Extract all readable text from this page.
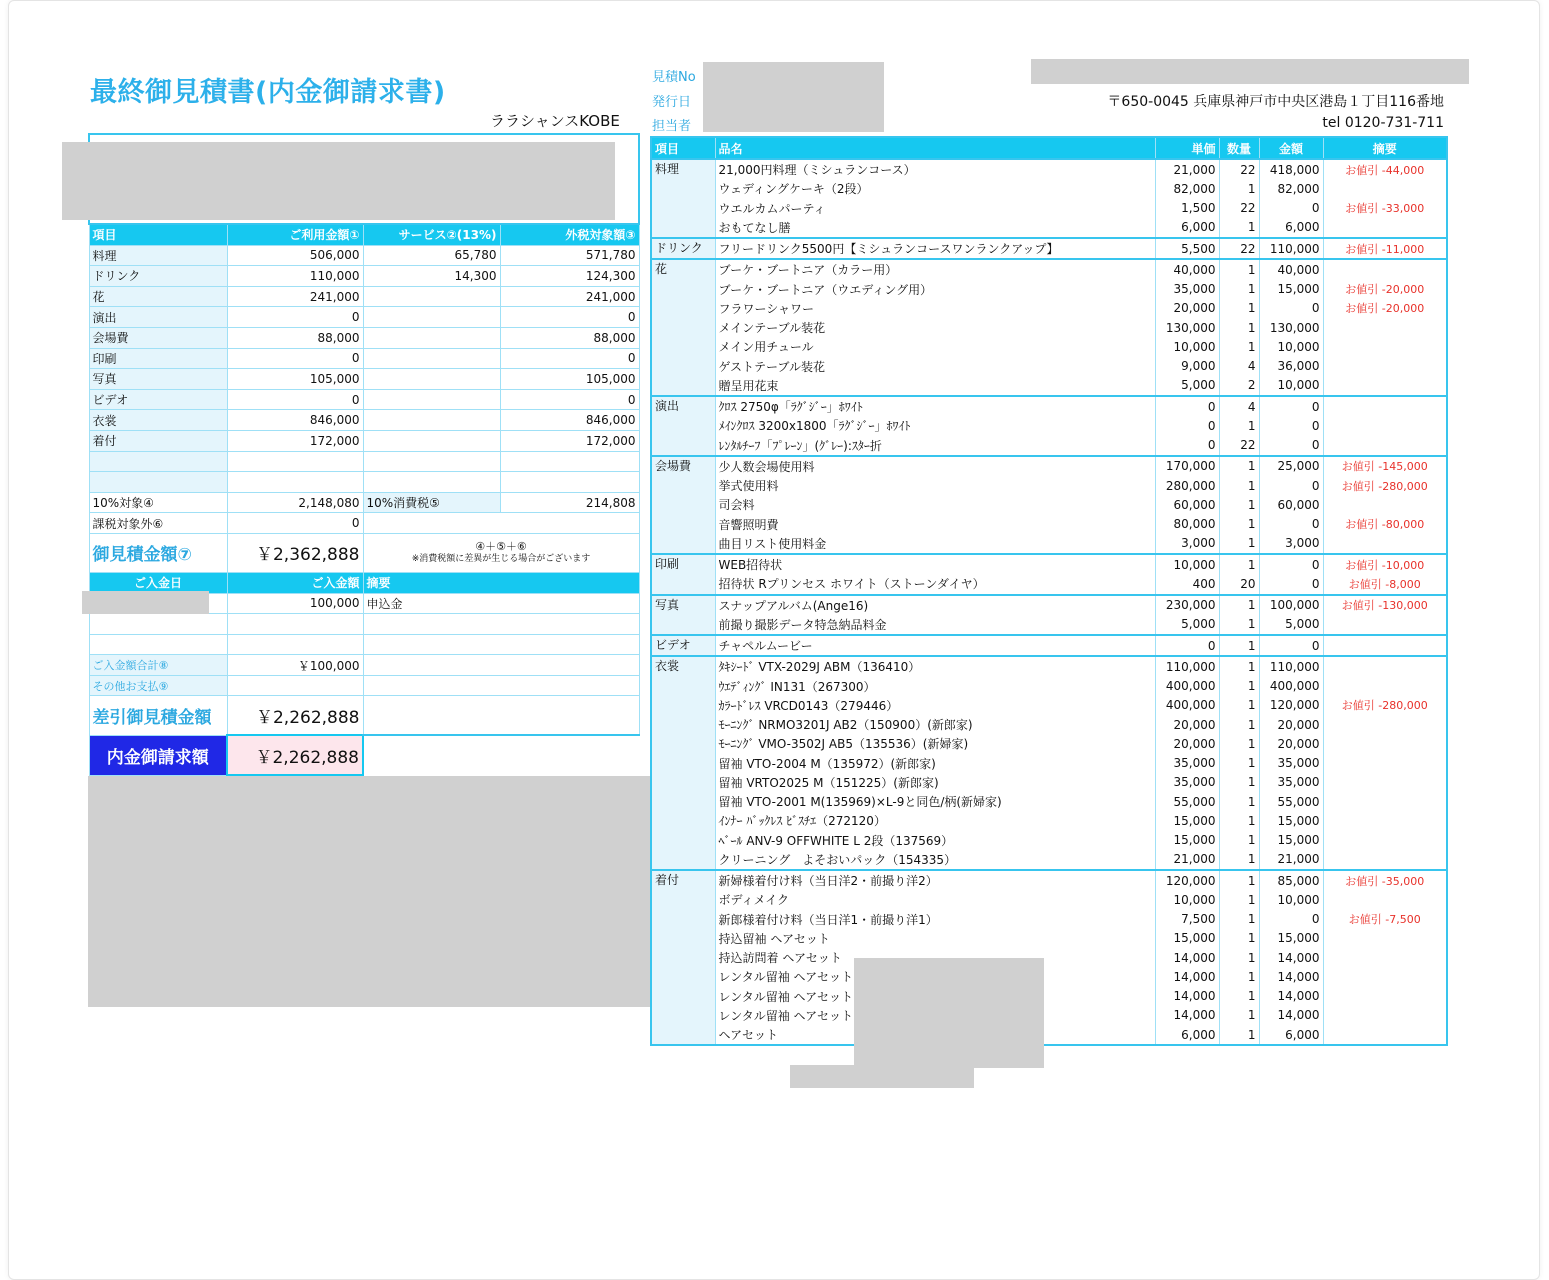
最終御見積書(内金御請求書)
ララシャンスKOBE

項目	ご利用金額①	サービス②(13%)	外税対象額③
料理	506,000	65,780	571,780
ドリンク	110,000	14,300	124,300
花	241,000		241,000
演出	0		0
会場費	88,000		88,000
印刷	0		0
写真	105,000		105,000
ビデオ	0		0
衣裳	846,000		846,000
着付	172,000		172,000

10%対象④	2,148,080	10%消費税⑤	214,808
課税対象外⑥	0		
御見積金額⑦	￥2,362,888	④＋⑤＋⑥
※消費税額に差異が生じる場合がございます	

ご入金日	ご入金額	摘要	
	100,000	申込金	

ご入金額合計⑧	￥100,000		
その他お支払⑨			
差引御見積金額	￥2,262,888		
内金御請求額	￥2,262,888		
見積No
発行日
担当者
〒650-0045 兵庫県神戸市中央区港島１丁目116番地
tel 0120-731-711
項目	品名	単価	数量	金額	摘要
料理	21,000円料理（ミシュランコース）	21,000	22	418,000	お値引 -44,000
	ウェディングケーキ（2段）	82,000	1	82,000	
	ウエルカムパーティ	1,500	22	0	お値引 -33,000
	おもてなし膳	6,000	1	6,000	
ドリンク	フリードリンク5500円【ミシュランコースワンランクアップ】	5,500	22	110,000	お値引 -11,000
花	ブーケ・ブートニア（カラー用）	40,000	1	40,000	
	ブーケ・ブートニア（ウエディング用）	35,000	1	15,000	お値引 -20,000
	フラワーシャワー	20,000	1	0	お値引 -20,000
	メインテーブル装花	130,000	1	130,000	
	メイン用チュール	10,000	1	10,000	
	ゲストテーブル装花	9,000	4	36,000	
	贈呈用花束	5,000	2	10,000	
演出	ｸﾛｽ 2750φ「ﾗｸﾞｼﾞｰ」ﾎﾜｲﾄ	0	4	0	
	ﾒｲﾝｸﾛｽ 3200x1800「ﾗｸﾞｼﾞｰ」ﾎﾜｲﾄ	0	1	0	
	ﾚﾝﾀﾙﾁｰﾌ「ﾌﾟﾚｰﾝ」(ｸﾞﾚｰ):ｽﾀｰ折	0	22	0	
会場費	少人数会場使用料	170,000	1	25,000	お値引 -145,000
	挙式使用料	280,000	1	0	お値引 -280,000
	司会料	60,000	1	60,000	
	音響照明費	80,000	1	0	お値引 -80,000
	曲目リスト使用料金	3,000	1	3,000	
印刷	WEB招待状	10,000	1	0	お値引 -10,000
	招待状 Rプリンセス ホワイト（ストーンダイヤ）	400	20	0	お値引 -8,000
写真	スナップアルバム(Ange16)	230,000	1	100,000	お値引 -130,000
	前撮り撮影データ特急納品料金	5,000	1	5,000	
ビデオ	チャペルムービー	0	1	0	
衣裳	ﾀｷｼｰﾄﾞ VTX-2029J ABM（136410）	110,000	1	110,000	
	ｳｴﾃﾞｨﾝｸﾞ IN131（267300）	400,000	1	400,000	
	ｶﾗｰﾄﾞﾚｽ VRCD0143（279446）	400,000	1	120,000	お値引 -280,000
	ﾓｰﾆﾝｸﾞ NRMO3201J AB2（150900）(新郎家)	20,000	1	20,000	
	ﾓｰﾆﾝｸﾞ VMO-3502J AB5（135536）(新婦家)	20,000	1	20,000	
	留袖 VTO-2004 M（135972）(新郎家)	35,000	1	35,000	
	留袖 VRTO2025 M（151225）(新郎家)	35,000	1	35,000	
	留袖 VTO-2001 M(135969)×L-9と同色/柄(新婦家)	55,000	1	55,000	
	ｲﾝﾅｰ ﾊﾞｯｸﾚｽ ﾋﾞｽﾁｴ（272120）	15,000	1	15,000	
	ﾍﾞｰﾙ ANV-9 OFFWHITE L 2段（137569）	15,000	1	15,000	
	クリーニング　よそおいパック（154335）	21,000	1	21,000	
着付	新婦様着付け料（当日洋2・前撮り洋2）	120,000	1	85,000	お値引 -35,000
	ボディメイク	10,000	1	10,000	
	新郎様着付け料（当日洋1・前撮り洋1）	7,500	1	0	お値引 -7,500
	持込留袖 ヘアセット	15,000	1	15,000	
	持込訪問着 ヘアセット	14,000	1	14,000	
	レンタル留袖 ヘアセット	14,000	1	14,000	
	レンタル留袖 ヘアセット	14,000	1	14,000	
	レンタル留袖 ヘアセット	14,000	1	14,000	
	ヘアセット	6,000	1	6,000	
